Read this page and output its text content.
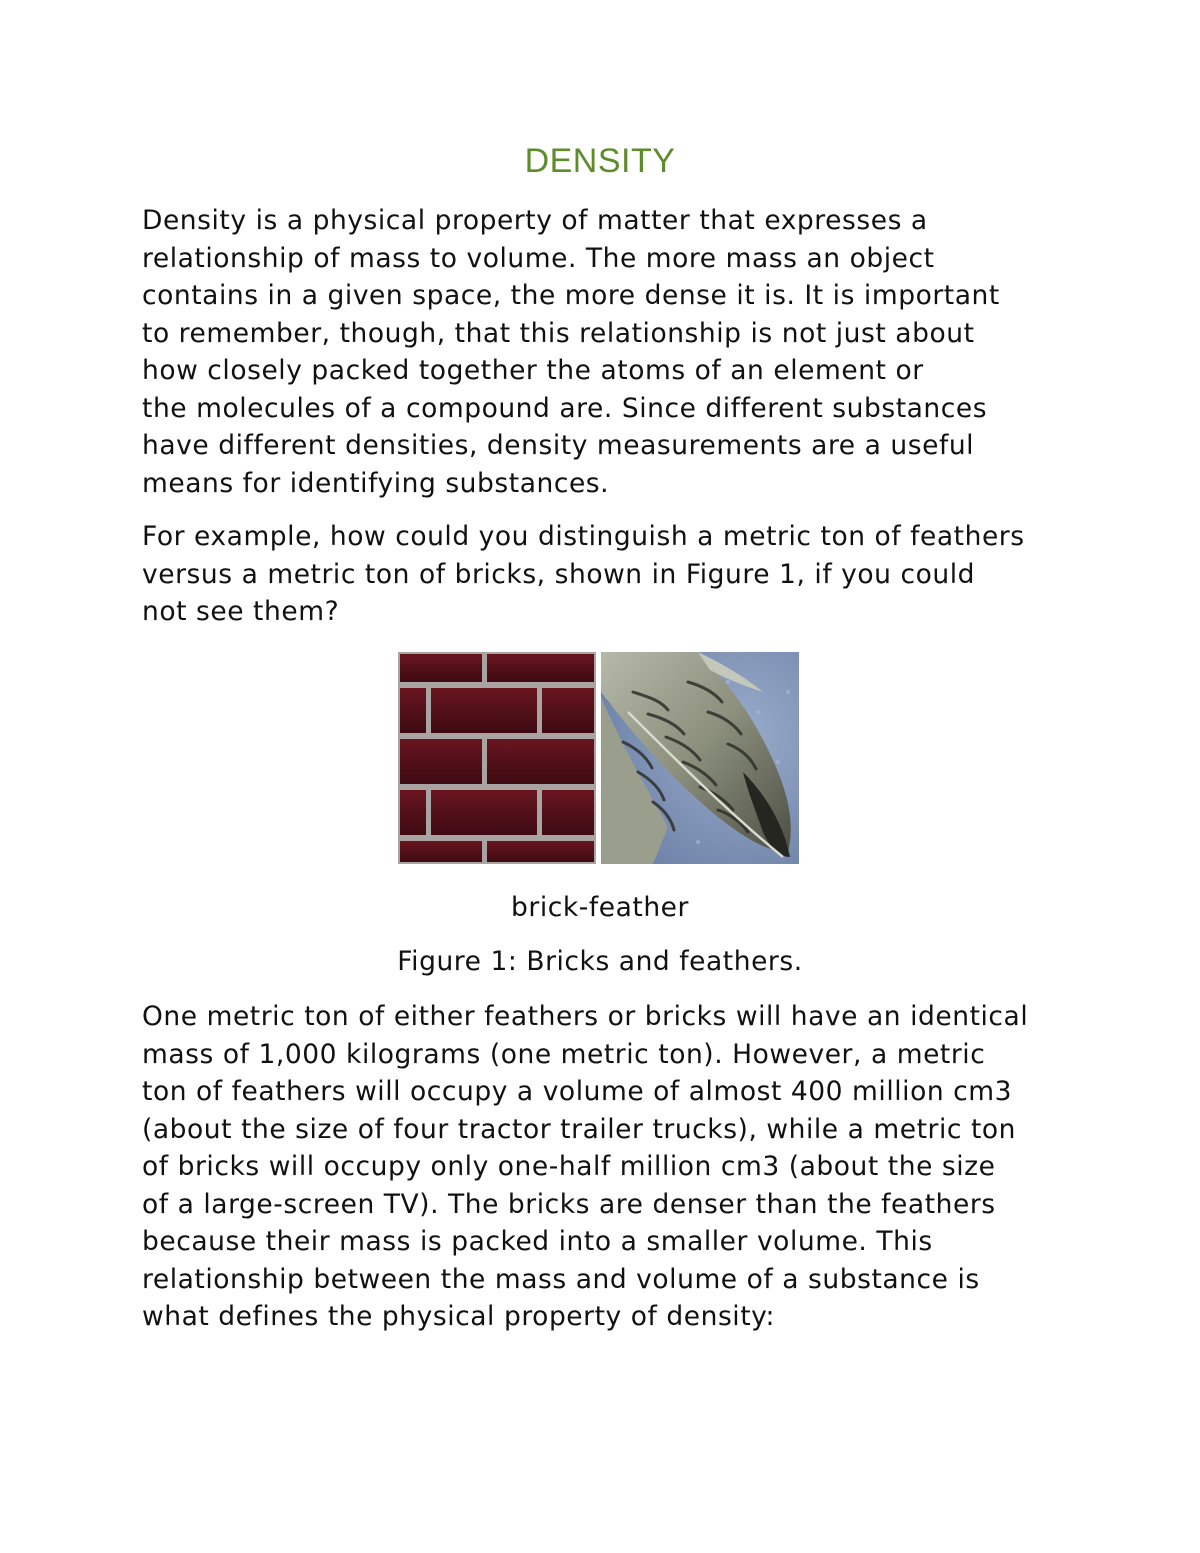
DENSITY

Density is a physical property of matter that expresses a
relationship of mass to volume. The more mass an object
contains in a given space, the more dense it is. It is important
to remember, though, that this relationship is not just about
how closely packed together the atoms of an element or
the molecules of a compound are. Since different substances
have different densities, density measurements are a useful
means for identifying substances.

For example, how could you distinguish a metric ton of feathers
versus a metric ton of bricks, shown in Figure 1, if you could
not see them?

brick-feather
Figure 1: Bricks and feathers.

One metric ton of either feathers or bricks will have an identical
mass of 1,000 kilograms (one metric ton). However, a metric
ton of feathers will occupy a volume of almost 400 million cm3
(about the size of four tractor trailer trucks), while a metric ton
of bricks will occupy only one-half million cm3 (about the size
of a large-screen TV). The bricks are denser than the feathers
because their mass is packed into a smaller volume. This
relationship between the mass and volume of a substance is
what defines the physical property of density:
